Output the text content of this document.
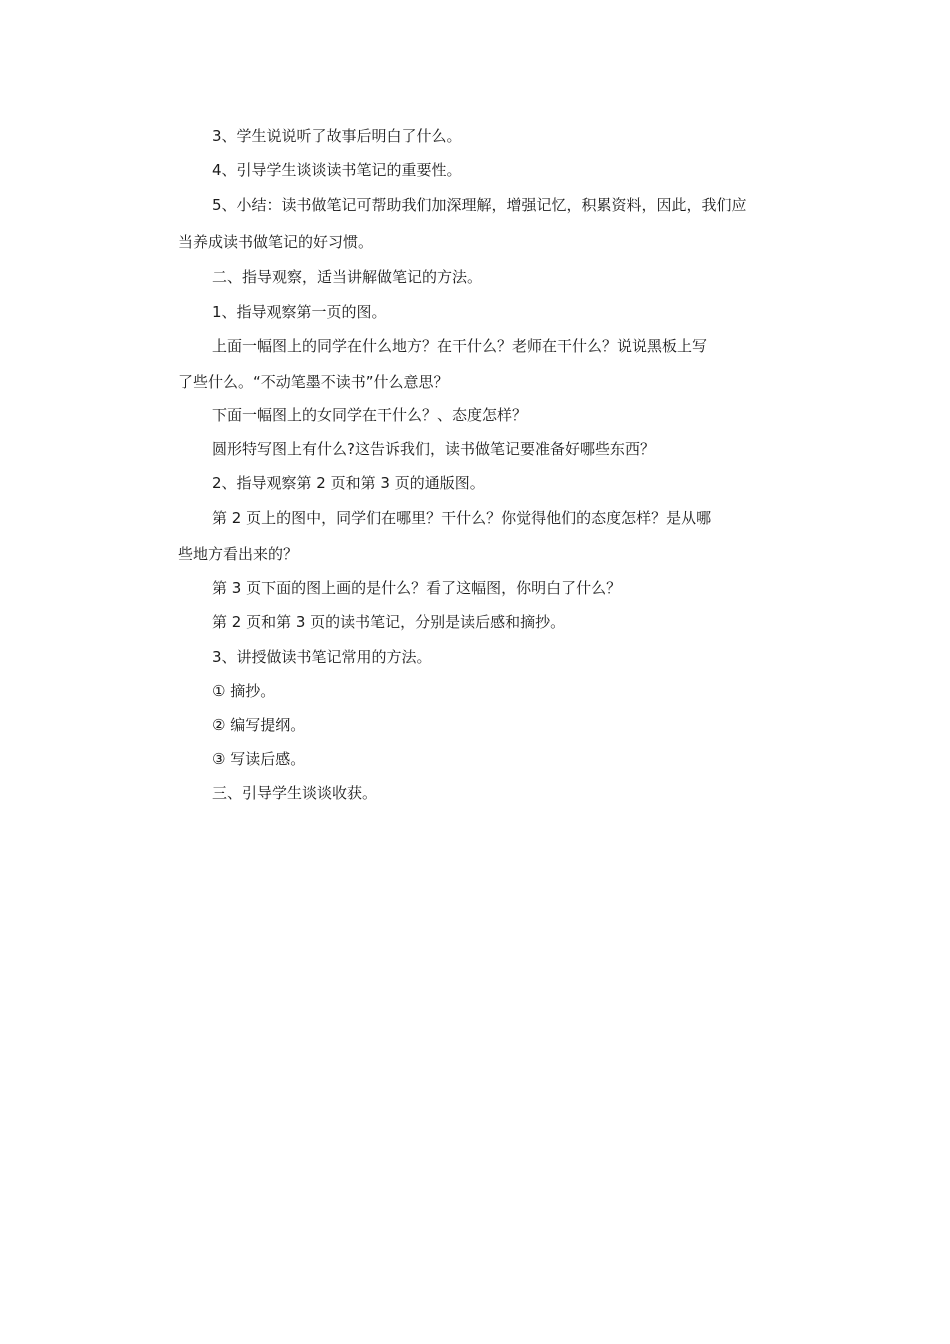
3、学生说说听了故事后明白了什么。

4、引导学生谈谈读书笔记的重要性。

5、小结：读书做笔记可帮助我们加深理解，增强记忆，积累资料，因此，我们应

当养成读书做笔记的好习惯。

二、指导观察，适当讲解做笔记的方法。

1、指导观察第一页的图。

上面一幅图上的同学在什么地方？在干什么？老师在干什么？说说黑板上写

了些什么。“不动笔墨不读书”什么意思？

下面一幅图上的女同学在干什么？、态度怎样？

圆形特写图上有什么?这告诉我们，读书做笔记要准备好哪些东西？

2、指导观察第 2 页和第 3 页的通版图。

第 2 页上的图中，同学们在哪里？干什么？你觉得他们的态度怎样？是从哪

些地方看出来的？

第 3 页下面的图上画的是什么？看了这幅图，你明白了什么？

第 2 页和第 3 页的读书笔记，分别是读后感和摘抄。

3、讲授做读书笔记常用的方法。

① 摘抄。

② 编写提纲。

③ 写读后感。

三、引导学生谈谈收获。
